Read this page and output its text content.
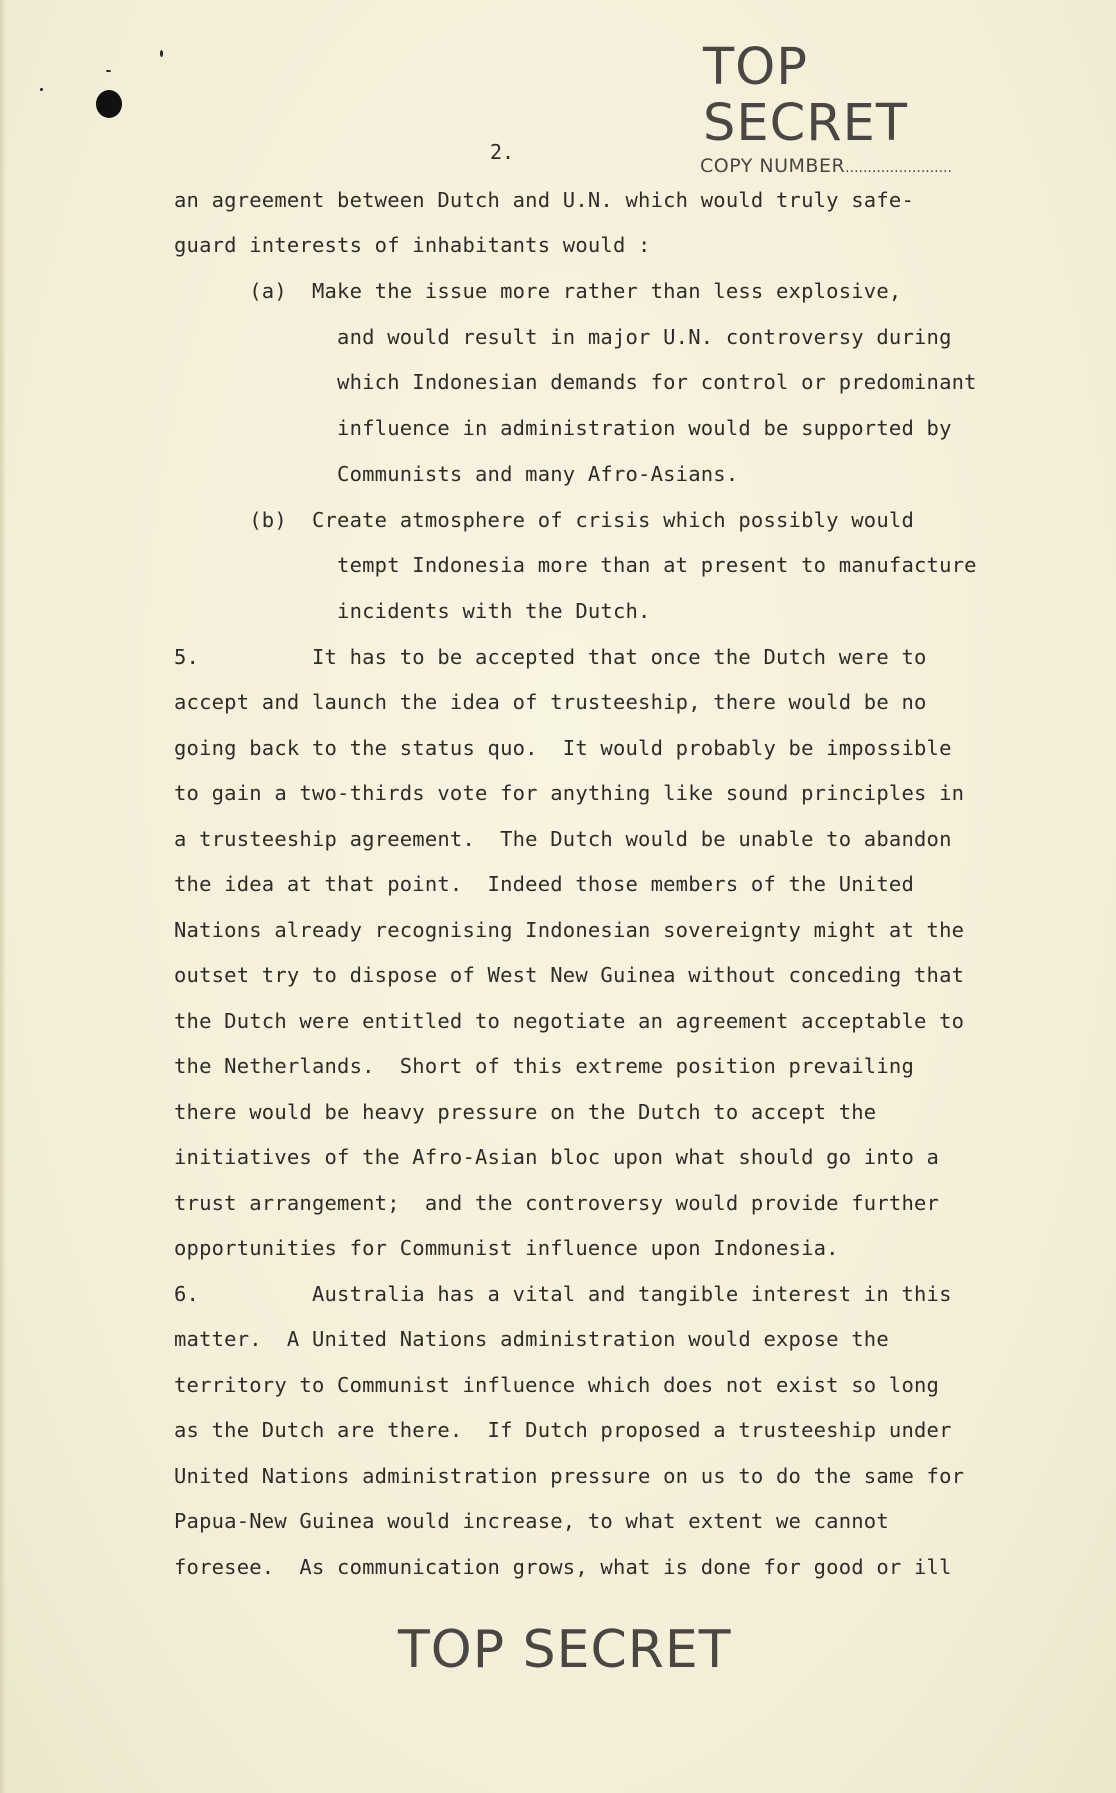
TOP SECRET
COPY NUMBER........................
2.
an agreement between Dutch and U.N. which would truly safe-
guard interests of inhabitants would :
(a)  Make the issue more rather than less explosive,
and would result in major U.N. controversy during
which Indonesian demands for control or predominant
influence in administration would be supported by
Communists and many Afro-Asians.
(b)  Create atmosphere of crisis which possibly would
tempt Indonesia more than at present to manufacture
incidents with the Dutch.
5.         It has to be accepted that once the Dutch were to
accept and launch the idea of trusteeship, there would be no
going back to the status quo.  It would probably be impossible
to gain a two-thirds vote for anything like sound principles in
a trusteeship agreement.  The Dutch would be unable to abandon
the idea at that point.  Indeed those members of the United
Nations already recognising Indonesian sovereignty might at the
outset try to dispose of West New Guinea without conceding that
the Dutch were entitled to negotiate an agreement acceptable to
the Netherlands.  Short of this extreme position prevailing
there would be heavy pressure on the Dutch to accept the
initiatives of the Afro-Asian bloc upon what should go into a
trust arrangement;  and the controversy would provide further
opportunities for Communist influence upon Indonesia.
6.         Australia has a vital and tangible interest in this
matter.  A United Nations administration would expose the
territory to Communist influence which does not exist so long
as the Dutch are there.  If Dutch proposed a trusteeship under
United Nations administration pressure on us to do the same for
Papua-New Guinea would increase, to what extent we cannot
foresee.  As communication grows, what is done for good or ill
TOP SECRET
